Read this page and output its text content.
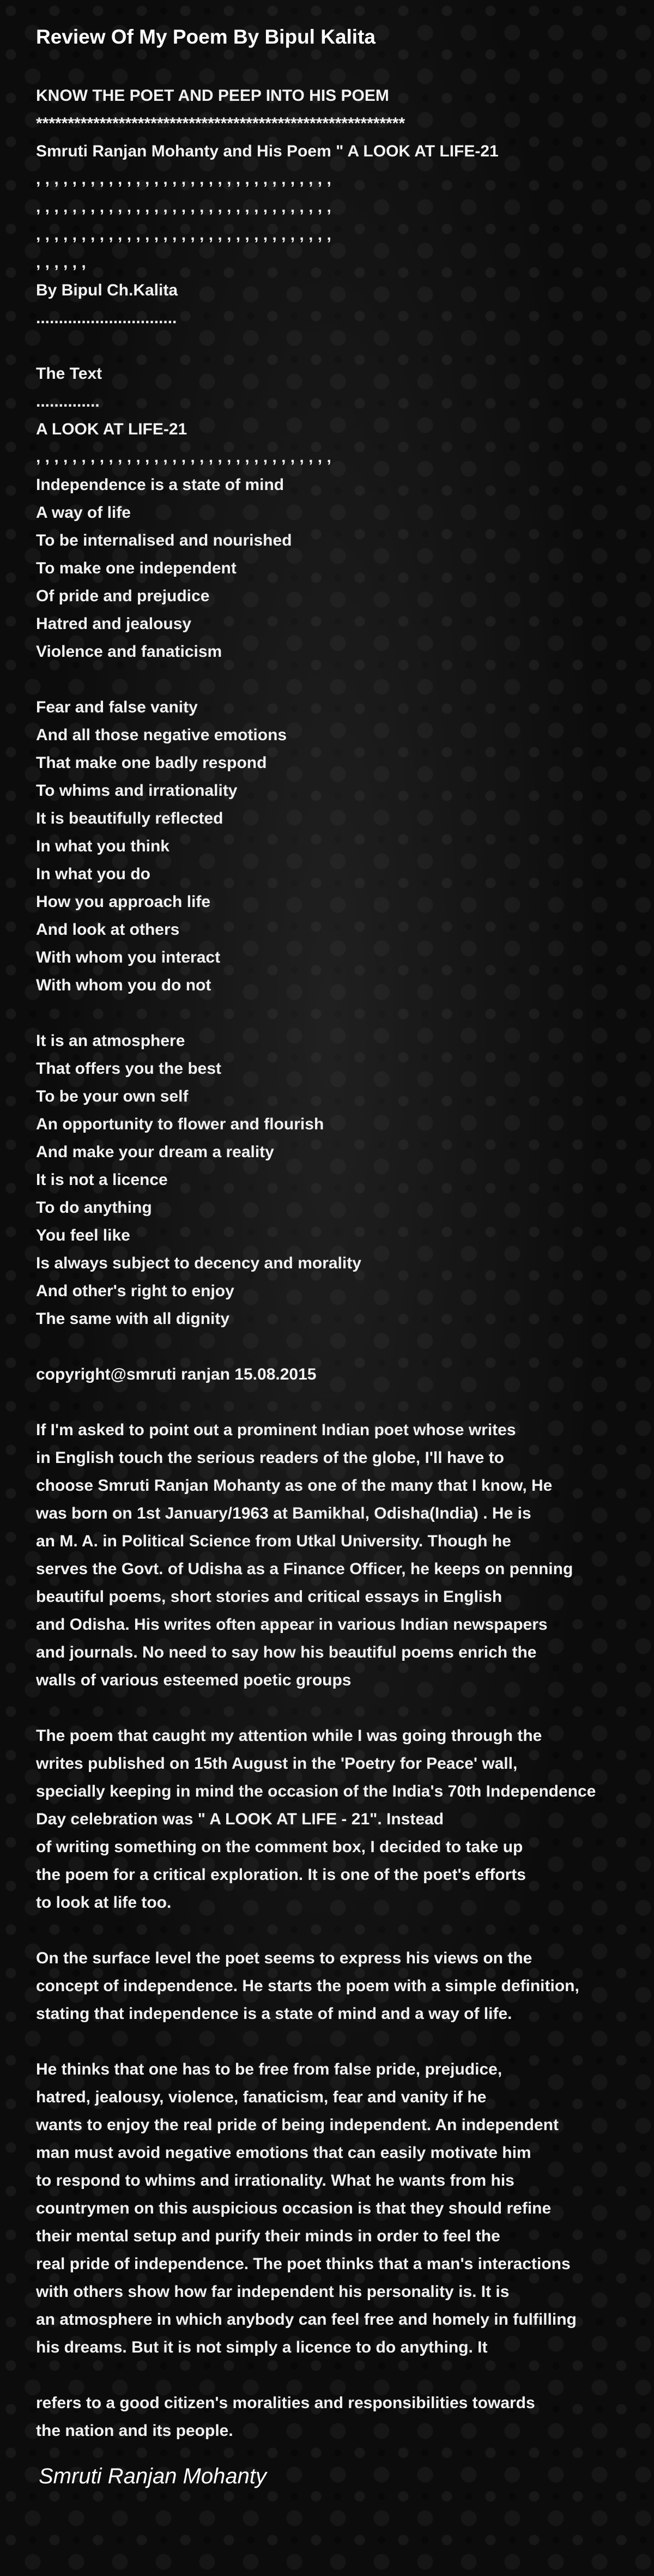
Review Of My Poem By Bipul Kalita
KNOW THE POET AND PEEP INTO HIS POEM
**********************************************************
Smruti Ranjan Mohanty and His Poem " A LOOK AT LIFE-21
, , , , , , , , , , , , , , , , , , , , , , , , , , , , , , , , ,
, , , , , , , , , , , , , , , , , , , , , , , , , , , , , , , , ,
, , , , , , , , , , , , , , , , , , , , , , , , , , , , , , , , ,
, , , , , ,
By Bipul Ch.Kalita
...............................
The Text
..............
A LOOK AT LIFE-21
, , , , , , , , , , , , , , , , , , , , , , , , , , , , , , , , ,
Independence is a state of mind
A way of life
To be internalised and nourished
To make one independent
Of pride and prejudice
Hatred and jealousy
Violence and fanaticism
Fear and false vanity
And all those negative emotions
That make one badly respond
To whims and irrationality
It is beautifully reflected
In what you think
In what you do
How you approach life
And look at others
With whom you interact
With whom you do not
It is an atmosphere
That offers you the best
To be your own self
An opportunity to flower and flourish
And make your dream a reality
It is not a licence
To do anything
You feel like
Is always subject to decency and morality
And other's right to enjoy
The same with all dignity
copyright@smruti ranjan 15.08.2015
If I'm asked to point out a prominent Indian poet whose writes
in English touch the serious readers of the globe, I'll have to
choose Smruti Ranjan Mohanty as one of the many that I know, He
was born on 1st January/1963 at Bamikhal, Odisha(India) . He is
an M. A. in Political Science from Utkal University. Though he
serves the Govt. of Udisha as a Finance Officer, he keeps on penning
beautiful poems, short stories and critical essays in English
and Odisha. His writes often appear in various Indian newspapers
and journals. No need to say how his beautiful poems enrich the
walls of various esteemed poetic groups
The poem that caught my attention while I was going through the
writes published on 15th August in the 'Poetry for Peace' wall,
specially keeping in mind the occasion of the India's 70th Independence
Day celebration was " A LOOK AT LIFE - 21". Instead
of writing something on the comment box, I decided to take up
the poem for a critical exploration. It is one of the poet's efforts
to look at life too.
On the surface level the poet seems to express his views on the
concept of independence. He starts the poem with a simple definition,
stating that independence is a state of mind and a way of life.
He thinks that one has to be free from false pride, prejudice,
hatred, jealousy, violence, fanaticism, fear and vanity if he
wants to enjoy the real pride of being independent. An independent
man must avoid negative emotions that can easily motivate him
to respond to whims and irrationality. What he wants from his
countrymen on this auspicious occasion is that they should refine
their mental setup and purify their minds in order to feel the
real pride of independence. The poet thinks that a man's interactions
with others show how far independent his personality is. It is
an atmosphere in which anybody can feel free and homely in fulfilling
his dreams. But it is not simply a licence to do anything. It
refers to a good citizen's moralities and responsibilities towards
the nation and its people.
Smruti Ranjan Mohanty
